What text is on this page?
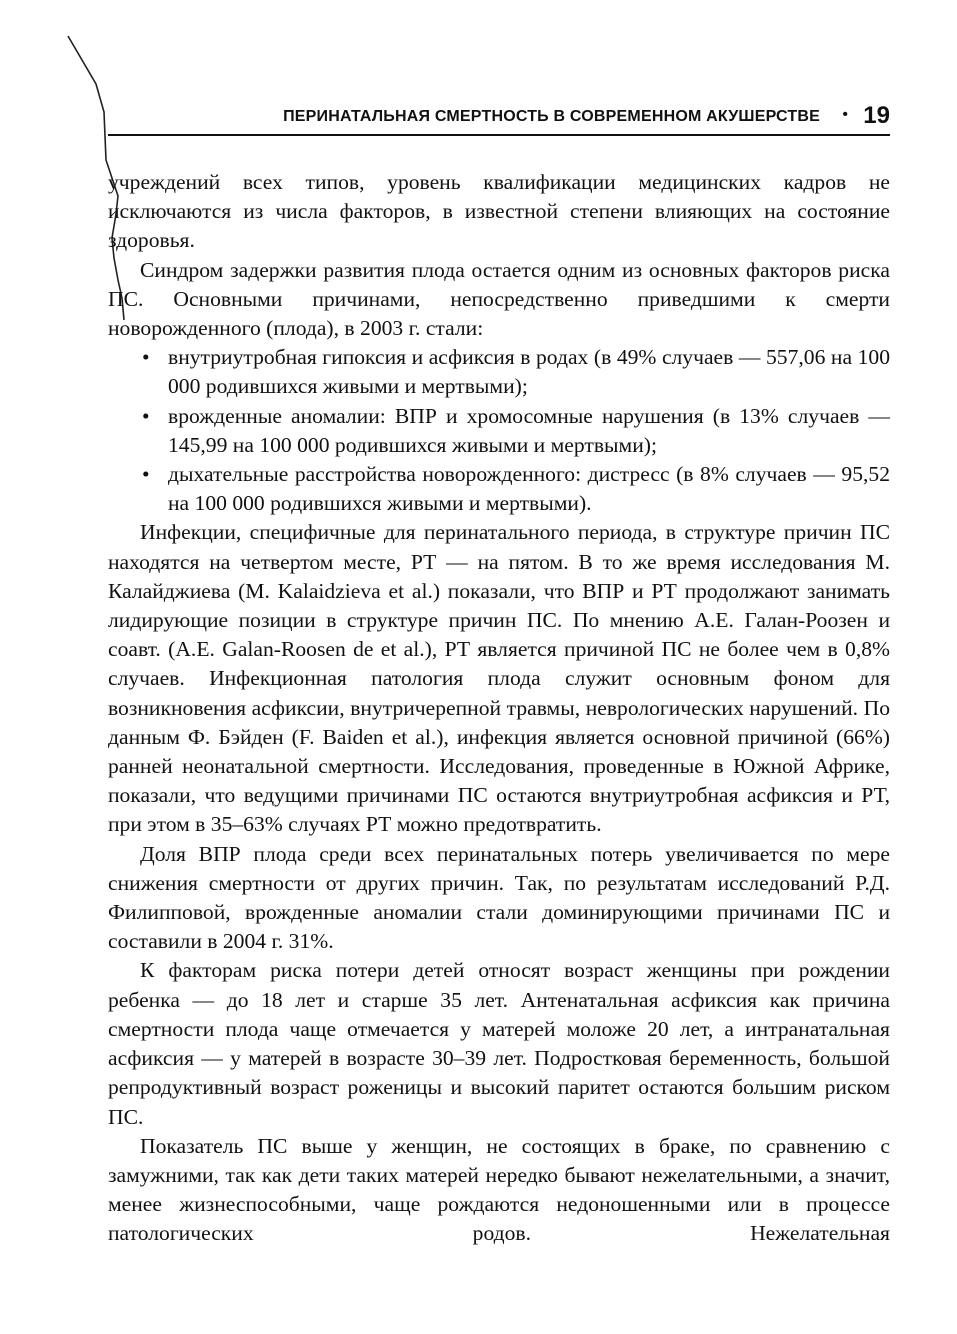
ПЕРИНАТАЛЬНАЯ СМЕРТНОСТЬ В СОВРЕМЕННОМ АКУШЕРСТВЕ • 19

учреждений всех типов, уровень квалификации медицинских кадров не исключаются из числа факторов, в известной степени влияющих на состояние здоровья.

Синдром задержки развития плода остается одним из основных факторов риска ПС. Основными причинами, непосредственно приведшими к смерти новорожденного (плода), в 2003 г. стали:

• внутриутробная гипоксия и асфиксия в родах (в 49% случаев — 557,06 на 100 000 родившихся живыми и мертвыми);
• врожденные аномалии: ВПР и хромосомные нарушения (в 13% случаев — 145,99 на 100 000 родившихся живыми и мертвыми);
• дыхательные расстройства новорожденного: дистресс (в 8% случаев — 95,52 на 100 000 родившихся живыми и мертвыми).

Инфекции, специфичные для перинатального периода, в структуре причин ПС находятся на четвертом месте, РТ — на пятом. В то же время исследования М. Калайджиева (M. Kalaidzieva et al.) показали, что ВПР и РТ продолжают занимать лидирующие позиции в структуре причин ПС. По мнению А.Е. Галан-Роозен и соавт. (A.E. Galan-Roosen de et al.), РТ является причиной ПС не более чем в 0,8% случаев. Инфекционная патология плода служит основным фоном для возникновения асфиксии, внутричерепной травмы, неврологических нарушений. По данным Ф. Бэйден (F. Baiden et al.), инфекция является основной причиной (66%) ранней неонатальной смертности. Исследования, проведенные в Южной Африке, показали, что ведущими причинами ПС остаются внутриутробная асфиксия и РТ, при этом в 35–63% случаях РТ можно предотвратить.

Доля ВПР плода среди всех перинатальных потерь увеличивается по мере снижения смертности от других причин. Так, по результатам исследований Р.Д. Филипповой, врожденные аномалии стали доминирующими причинами ПС и составили в 2004 г. 31%.

К факторам риска потери детей относят возраст женщины при рождении ребенка — до 18 лет и старше 35 лет. Антенатальная асфиксия как причина смертности плода чаще отмечается у матерей моложе 20 лет, а интранатальная асфиксия — у матерей в возрасте 30–39 лет. Подростковая беременность, большой репродуктивный возраст роженицы и высокий паритет остаются большим риском ПС.

Показатель ПС выше у женщин, не состоящих в браке, по сравнению с замужними, так как дети таких матерей нередко бывают нежелательными, а значит, менее жизнеспособными, чаще рождаются недоношенными или в процессе патологических родов. Нежелательная
